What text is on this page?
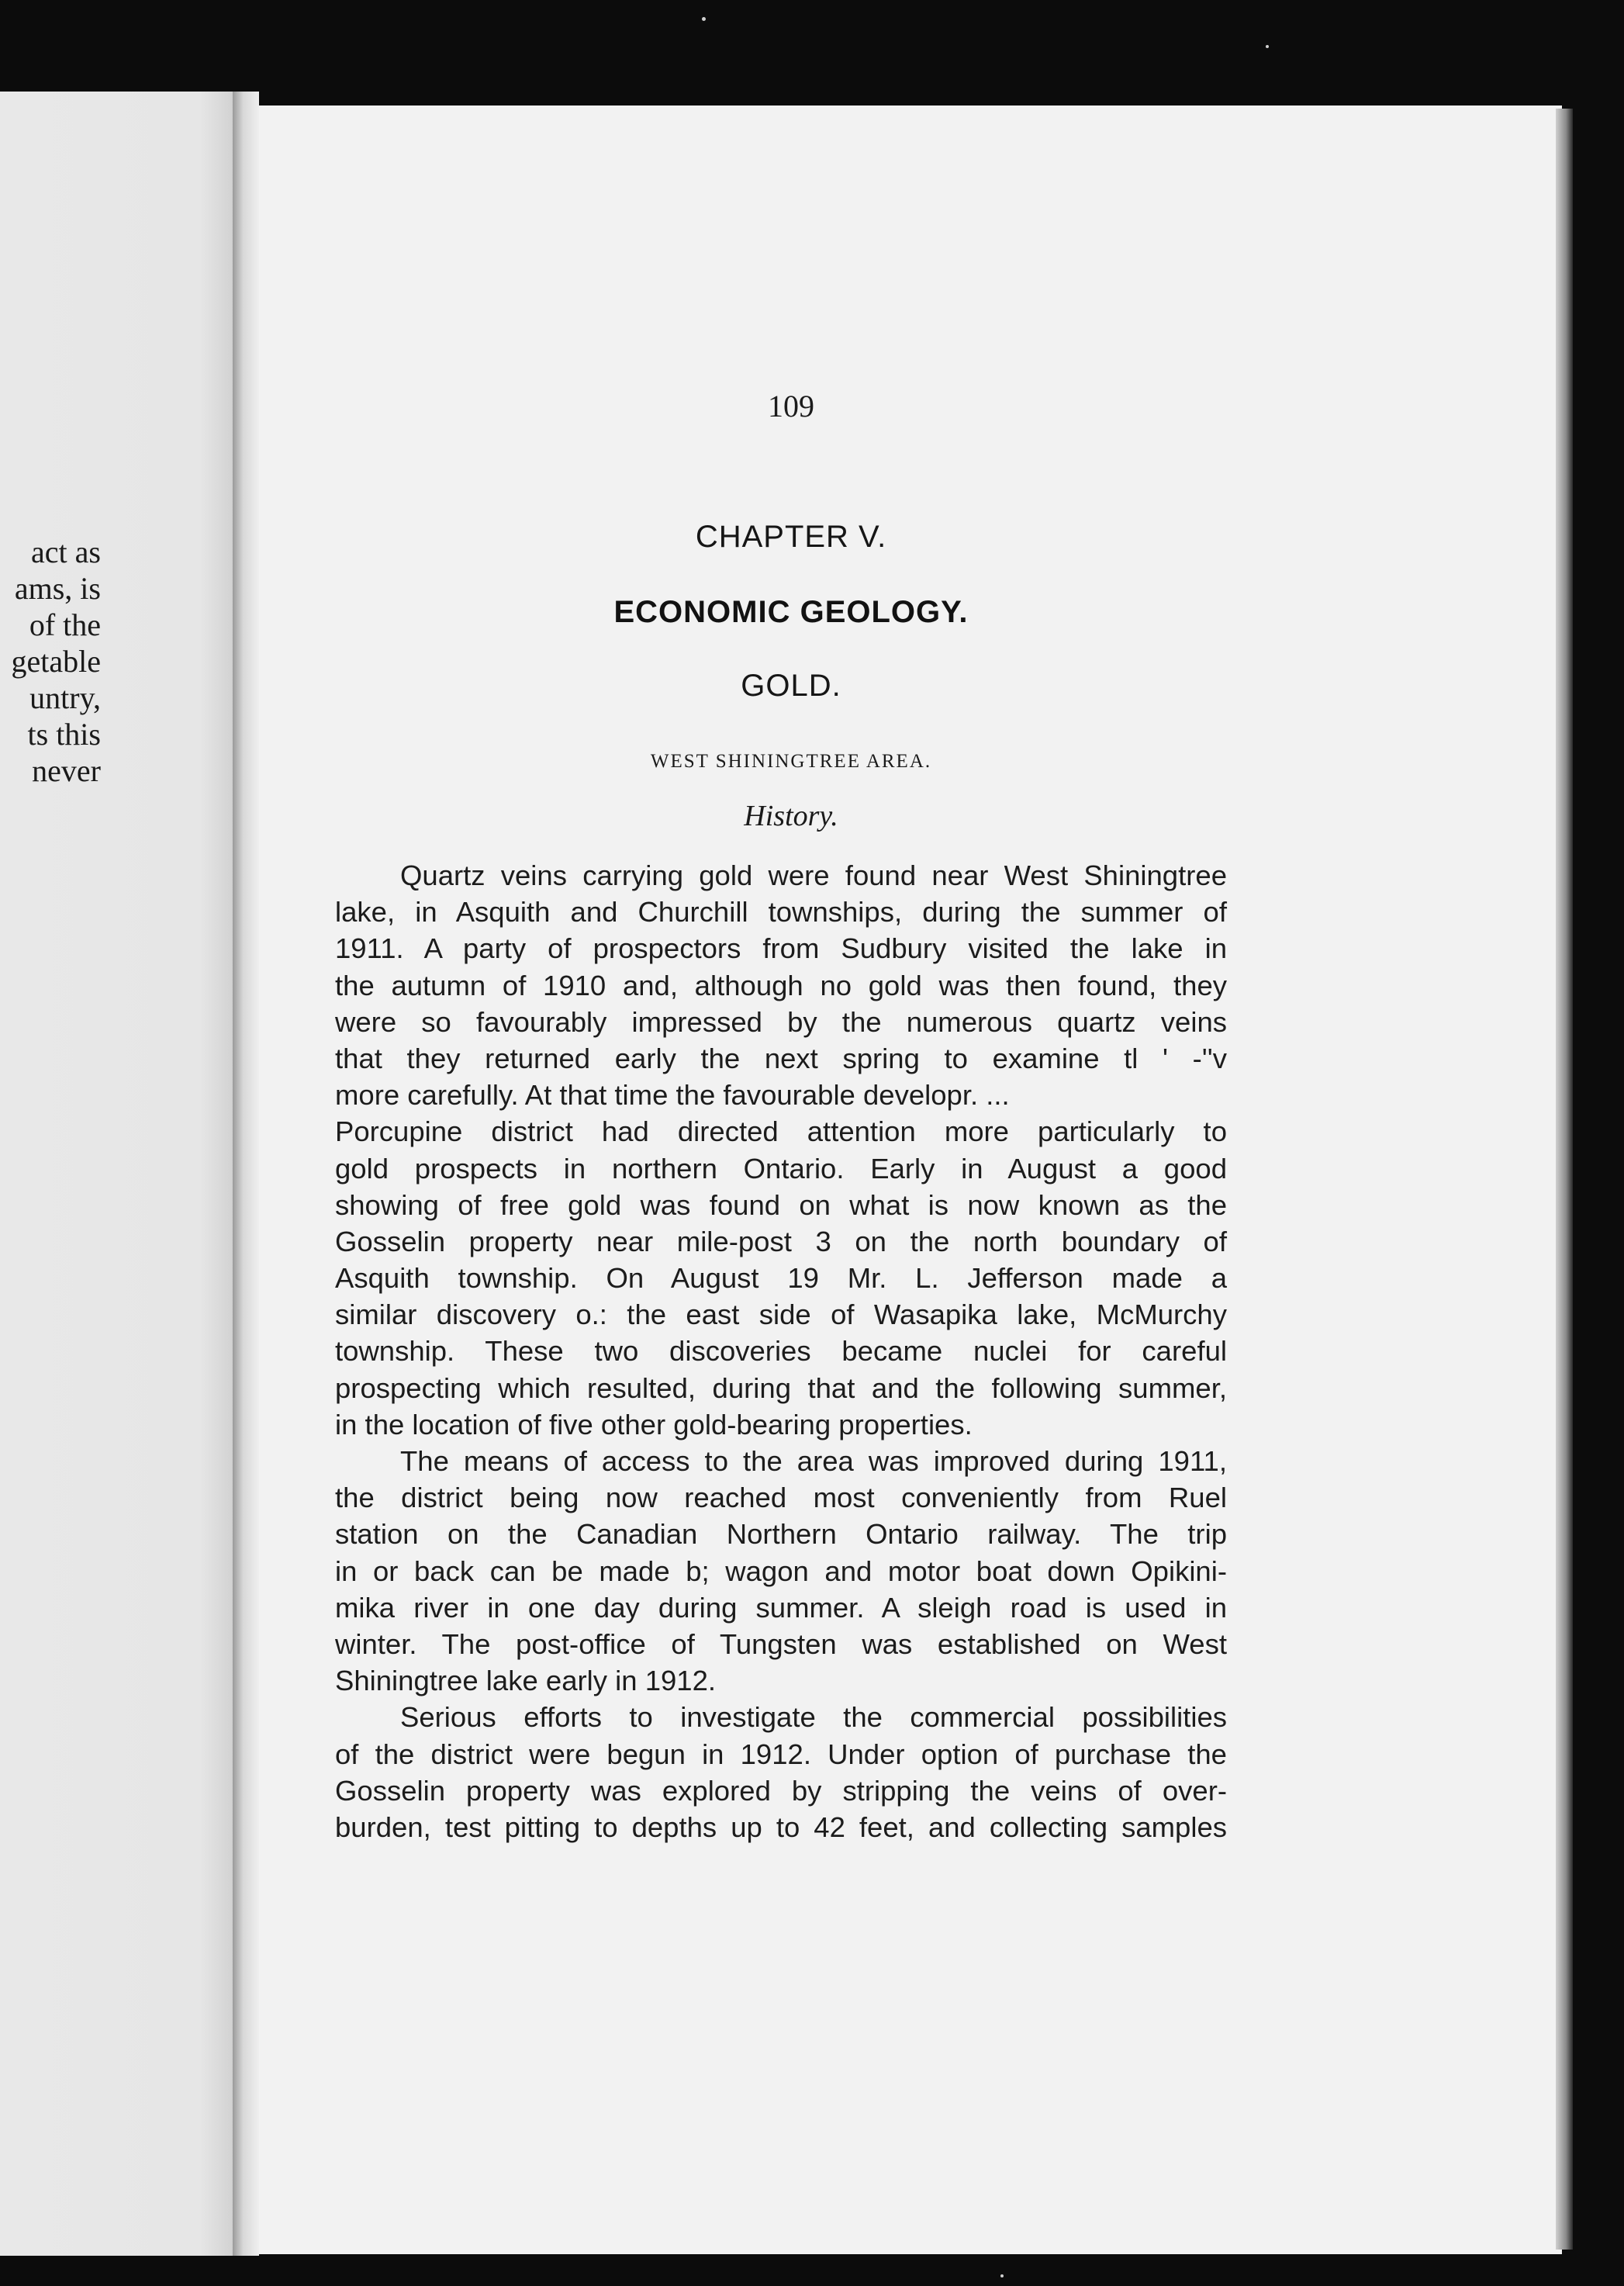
act as
ams, is
of the
getable
untry,
ts this
never
109
CHAPTER V.
ECONOMIC GEOLOGY.
GOLD.
WEST SHININGTREE AREA.
History.
Quartz veins carrying gold were found near West Shiningtree
lake, in Asquith and Churchill townships, during the summer of
1911. A party of prospectors from Sudbury visited the lake in
the autumn of 1910 and, although no gold was then found, they
were so favourably impressed by the numerous quartz veins
that they returned early the next spring to examine tl ' -''v
more carefully. At that time the favourable developr. ...
Porcupine district had directed attention more particularly to
gold prospects in northern Ontario. Early in August a good
showing of free gold was found on what is now known as the
Gosselin property near mile-post 3 on the north boundary of
Asquith township. On August 19 Mr. L. Jefferson made a
similar discovery o.: the east side of Wasapika lake, McMurchy
township. These two discoveries became nuclei for careful
prospecting which resulted, during that and the following summer,
in the location of five other gold-bearing properties.
The means of access to the area was improved during 1911,
the district being now reached most conveniently from Ruel
station on the Canadian Northern Ontario railway. The trip
in or back can be made b; wagon and motor boat down Opikini-
mika river in one day during summer. A sleigh road is used in
winter. The post-office of Tungsten was established on West
Shiningtree lake early in 1912.
Serious efforts to investigate the commercial possibilities
of the district were begun in 1912. Under option of purchase the
Gosselin property was explored by stripping the veins of over-
burden, test pitting to depths up to 42 feet, and collecting samples
